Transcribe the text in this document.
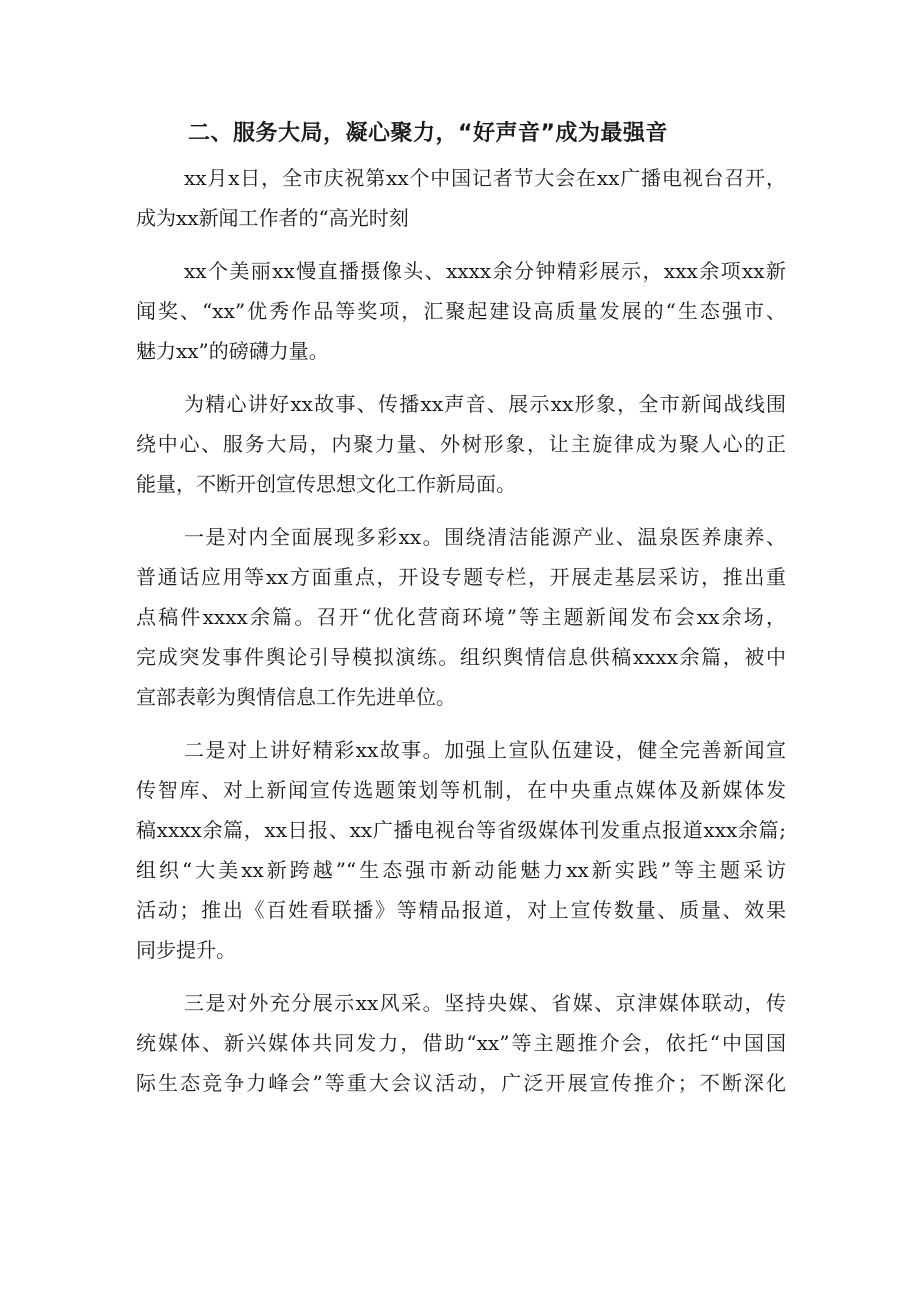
二、服务大局，凝心聚力，“好声音”成为最强音
xx月x日，全市庆祝第xx个中国记者节大会在xx广播电视台召开，
成为xx新闻工作者的“高光时刻
xx个美丽xx慢直播摄像头、xxxx余分钟精彩展示，xxx余项xx新
闻奖、“xx”优秀作品等奖项，汇聚起建设高质量发展的“生态强市、
魅力xx”的磅礴力量。
为精心讲好xx故事、传播xx声音、展示xx形象，全市新闻战线围
绕中心、服务大局，内聚力量、外树形象，让主旋律成为聚人心的正
能量，不断开创宣传思想文化工作新局面。
一是对内全面展现多彩xx。围绕清洁能源产业、温泉医养康养、
普通话应用等xx方面重点，开设专题专栏，开展走基层采访，推出重
点稿件xxxx余篇。召开“优化营商环境”等主题新闻发布会xx余场，
完成突发事件舆论引导模拟演练。组织舆情信息供稿xxxx余篇，被中
宣部表彰为舆情信息工作先进单位。
二是对上讲好精彩xx故事。加强上宣队伍建设，健全完善新闻宣
传智库、对上新闻宣传选题策划等机制，在中央重点媒体及新媒体发
稿xxxx余篇，xx日报、xx广播电视台等省级媒体刊发重点报道xxx余篇;
组织“大美xx新跨越”“生态强市新动能魅力xx新实践”等主题采访
活动；推出《百姓看联播》等精品报道，对上宣传数量、质量、效果
同步提升。
三是对外充分展示xx风采。坚持央媒、省媒、京津媒体联动，传
统媒体、新兴媒体共同发力，借助“xx”等主题推介会，依托“中国国
际生态竞争力峰会”等重大会议活动，广泛开展宣传推介；不断深化
